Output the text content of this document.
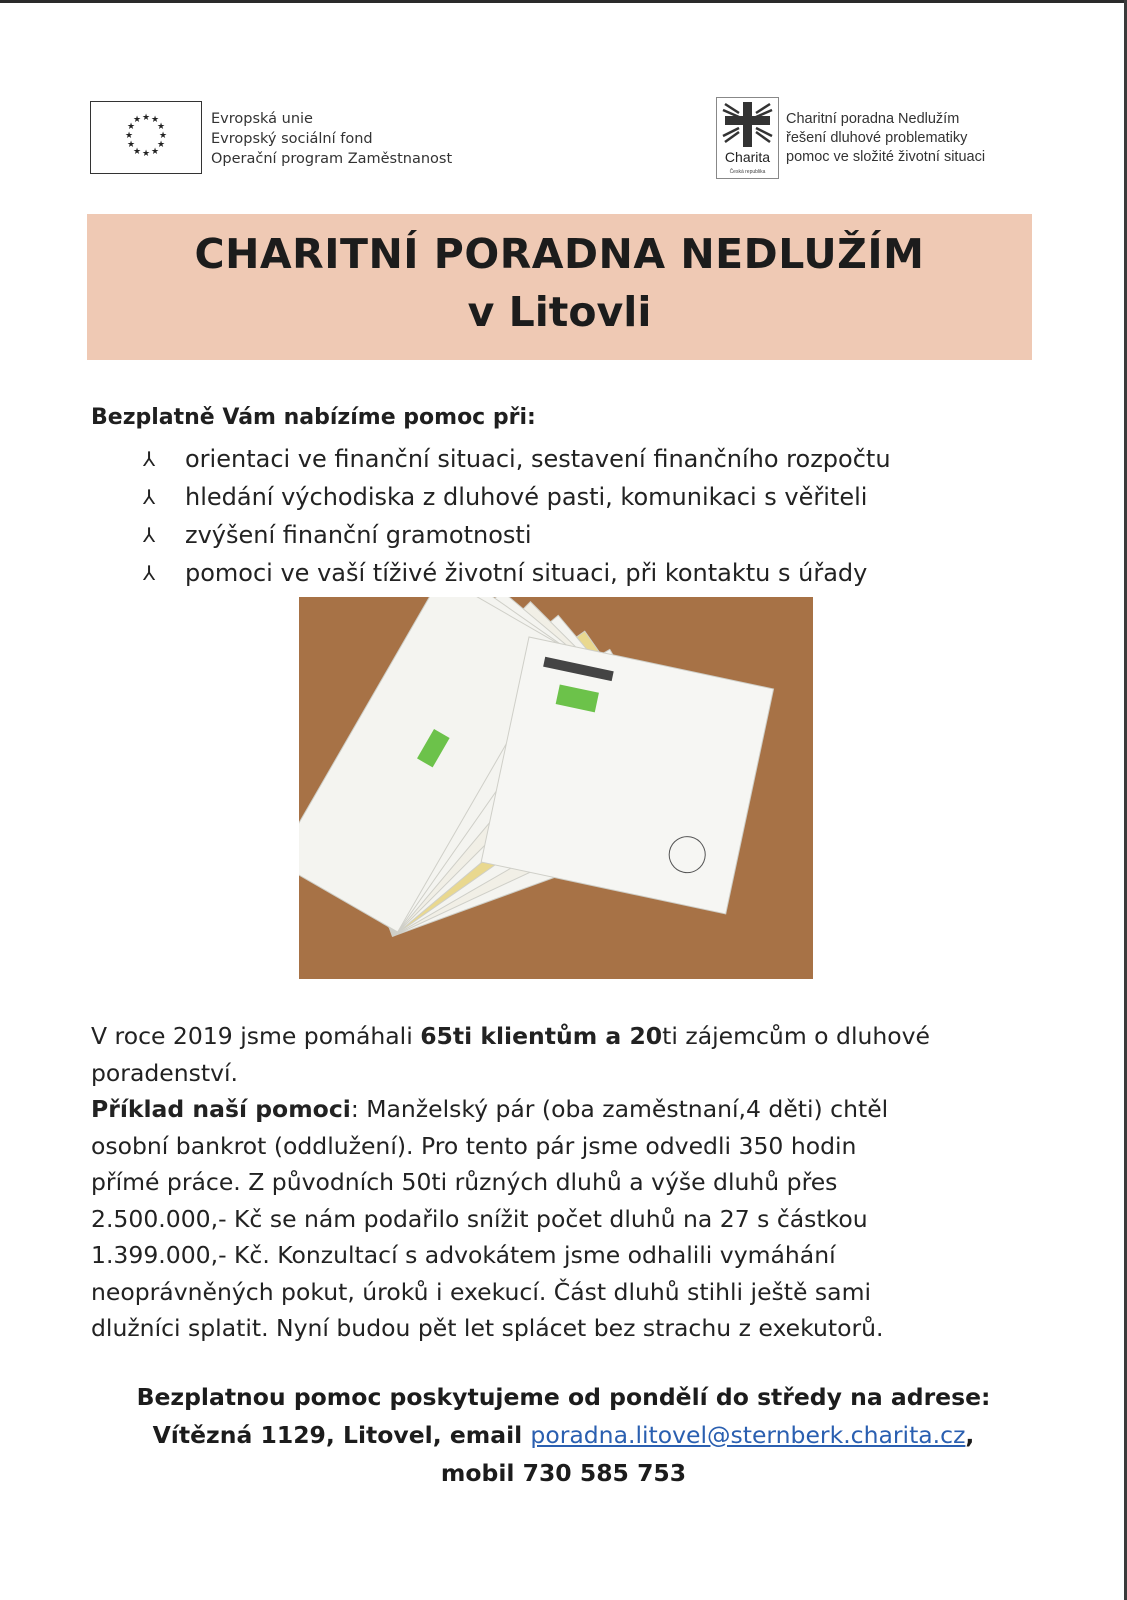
★ ★
★
★
★
★
★
★
★
★
★
★	Evropská unie
Evropský sociální fond
Operační program Zaměstnanost	Charita
Česká republika
Charitní poradna Nedlužím
řešení dluhové problematiky
pomoc ve složité životní situaci
CHARITNÍ PORADNA NEDLUŽÍM
v Litovli
Bezplatně Vám nabízíme pomoc při:
⅄ orientaci ve finanční situaci, sestavení finančního rozpočtu
⅄ hledání východiska z dluhové pasti, komunikaci s věřiteli
⅄ zvýšení finanční gramotnosti
⅄ pomoci ve vaší tíživé životní situaci, při kontaktu s úřady

V roce 2019 jsme pomáhali 65ti klientům a 20ti zájemcům o dluhové
poradenství.

Příklad naší pomoci: Manželský pár (oba zaměstnaní,4 děti) chtěl
osobní bankrot (oddlužení). Pro tento pár jsme odvedli 350 hodin
přímé práce. Z původních 50ti různých dluhů a výše dluhů přes
2.500.000,- Kč se nám podařilo snížit počet dluhů na 27 s částkou
1.399.000,- Kč. Konzultací s advokátem jsme odhalili vymáhání
neoprávněných pokut, úroků i exekucí. Část dluhů stihli ještě sami
dlužníci splatit. Nyní budou pět let splácet bez strachu z exekutorů.

Bezplatnou pomoc poskytujeme od pondělí do středy na adrese:
Vítězná 1129, Litovel, email poradna.litovel@sternberk.charita.cz,
mobil 730 585 753
